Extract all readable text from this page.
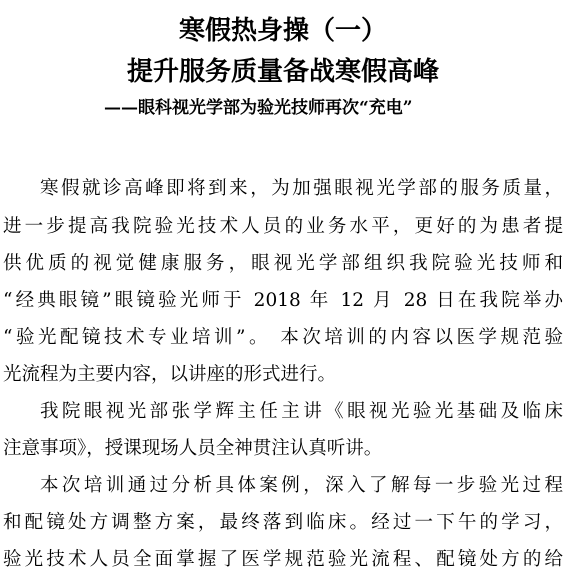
寒假热身操（一）
提升服务质量备战寒假高峰
——眼科视光学部为验光技师再次“充电”
寒假就诊高峰即将到来，为加强眼视光学部的服务质量，
进一步提高我院验光技术人员的业务水平，更好的为患者提
供优质的视觉健康服务，眼视光学部组织我院验光技师和
“经典眼镜”眼镜验光师于 2018 年 12 月 28 日在我院举办
“验光配镜技术专业培训”。 本次培训的内容以医学规范验
光流程为主要内容，以讲座的形式进行。
我院眼视光部张学辉主任主讲《眼视光验光基础及临床
注意事项》，授课现场人员全神贯注认真听讲。
本次培训通过分析具体案例，深入了解每一步验光过程
和配镜处方调整方案，最终落到临床。经过一下午的学习，
验光技术人员全面掌握了医学规范验光流程、配镜处方的给
